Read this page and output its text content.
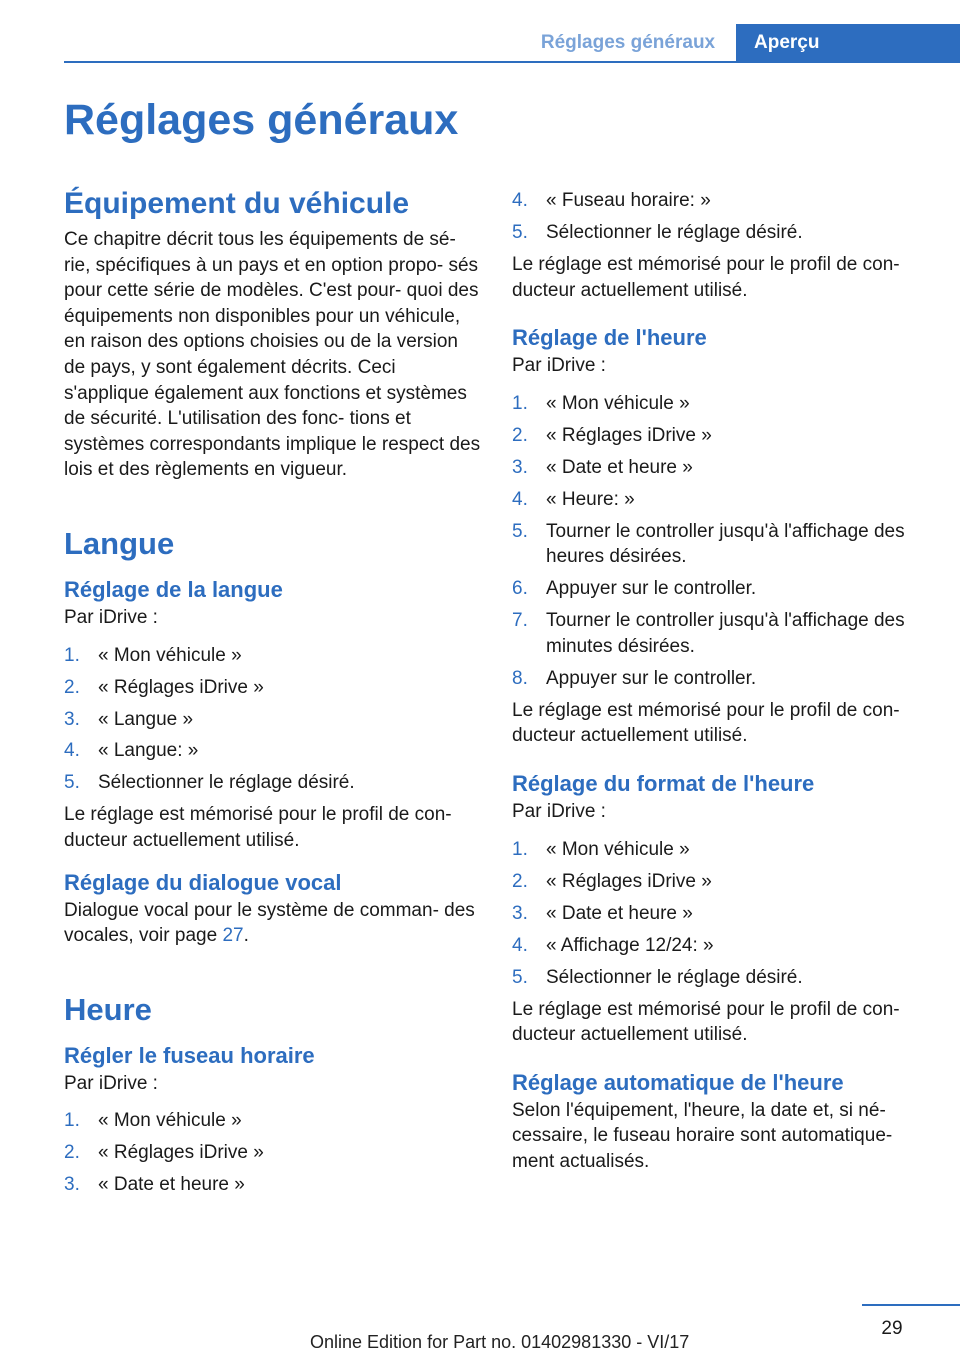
Réglages généraux	Aperçu
Réglages généraux
Équipement du véhicule

Ce chapitre décrit tous les équipements de sé‐ rie, spécifiques à un pays et en option propo‐ sés pour cette série de modèles. C'est pour‐ quoi des équipements non disponibles pour un véhicule, en raison des options choisies ou de la version de pays, y sont également décrits. Ceci s'applique également aux fonctions et systèmes de sécurité. L'utilisation des fonc‐ tions et systèmes correspondants implique le respect des lois et des règlements en vigueur.

Langue
Réglage de la langue

Par iDrive :

1. « Mon véhicule »
2. « Réglages iDrive »
3. « Langue »
4. « Langue: »
5. Sélectionner le réglage désiré.

Le réglage est mémorisé pour le profil de con‐ ducteur actuellement utilisé.

Réglage du dialogue vocal

Dialogue vocal pour le système de comman‐ des vocales, voir page 27.

Heure
Régler le fuseau horaire

Par iDrive :

1. « Mon véhicule »
2. « Réglages iDrive »
3. « Date et heure »
4. « Fuseau horaire: »
5. Sélectionner le réglage désiré.

Le réglage est mémorisé pour le profil de con‐ ducteur actuellement utilisé.

Réglage de l'heure

Par iDrive :

1. « Mon véhicule »
2. « Réglages iDrive »
3. « Date et heure »
4. « Heure: »
5. Tourner le controller jusqu'à l'affichage des heures désirées.
6. Appuyer sur le controller.
7. Tourner le controller jusqu'à l'affichage des minutes désirées.
8. Appuyer sur le controller.

Le réglage est mémorisé pour le profil de con‐ ducteur actuellement utilisé.

Réglage du format de l'heure

Par iDrive :

1. « Mon véhicule »
2. « Réglages iDrive »
3. « Date et heure »
4. « Affichage 12/24: »
5. Sélectionner le réglage désiré.

Le réglage est mémorisé pour le profil de con‐ ducteur actuellement utilisé.

Réglage automatique de l'heure

Selon l'équipement, l'heure, la date et, si né‐ cessaire, le fuseau horaire sont automatique‐ ment actualisés.

29
Online Edition for Part no. 01402981330 - VI/17
